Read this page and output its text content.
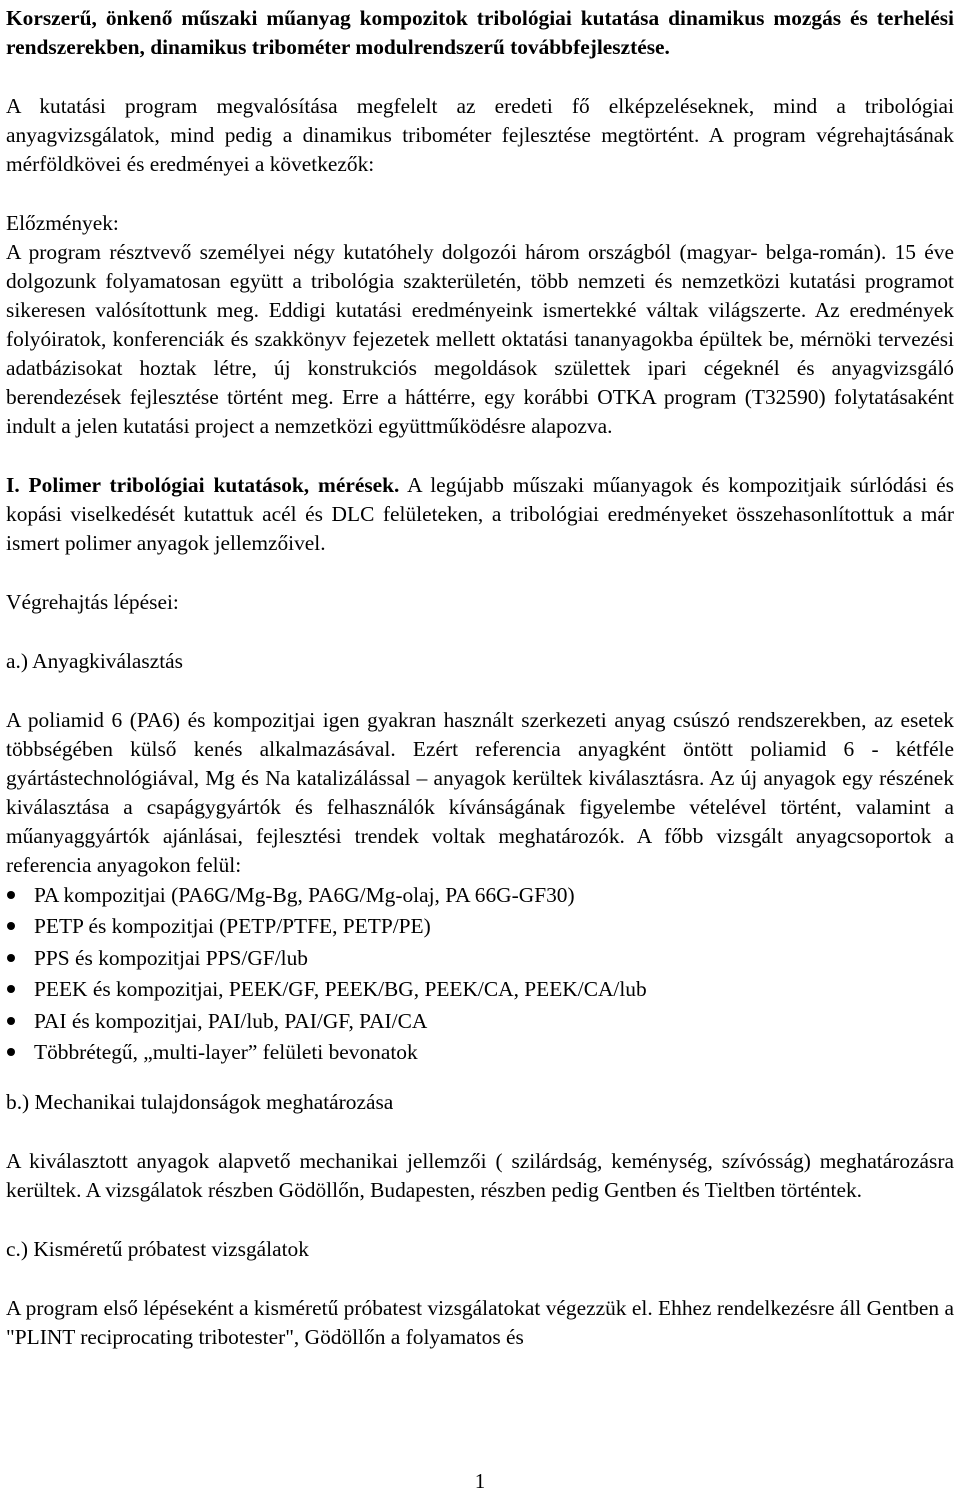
Korszerű, önkenő műszaki műanyag kompozitok tribológiai kutatása dinamikus mozgás és terhelési rendszerekben, dinamikus tribométer modulrendszerű továbbfejlesztése.

A kutatási program megvalósítása megfelelt az eredeti fő elképzeléseknek, mind a tribológiai anyagvizsgálatok, mind pedig a dinamikus tribométer fejlesztése megtörtént. A program végrehajtásának mérföldkövei és eredményei a következők:

Előzmények:

A program résztvevő személyei négy kutatóhely dolgozói három országból (magyar- belga-román). 15 éve dolgozunk folyamatosan együtt a tribológia szakterületén, több nemzeti és nemzetközi kutatási programot sikeresen valósítottunk meg. Eddigi kutatási eredményeink ismertekké váltak világszerte. Az eredmények folyóiratok, konferenciák és szakkönyv fejezetek mellett oktatási tananyagokba épültek be, mérnöki tervezési adatbázisokat hoztak létre, új konstrukciós megoldások születtek ipari cégeknél és anyagvizsgáló berendezések fejlesztése történt meg. Erre a háttérre, egy korábbi OTKA program (T32590) folytatásaként indult a jelen kutatási project a nemzetközi együttműködésre alapozva.

I. Polimer tribológiai kutatások, mérések. A legújabb műszaki műanyagok és kompozitjaik súrlódási és kopási viselkedését kutattuk acél és DLC felületeken, a tribológiai eredményeket összehasonlítottuk a már ismert polimer anyagok jellemzőivel.

Végrehajtás lépései:

a.) Anyagkiválasztás

A poliamid 6 (PA6) és kompozitjai igen gyakran használt szerkezeti anyag csúszó rendszerekben, az esetek többségében külső kenés alkalmazásával. Ezért referencia anyagként öntött poliamid 6 - kétféle gyártástechnológiával, Mg és Na katalizálással – anyagok kerültek kiválasztásra. Az új anyagok egy részének kiválasztása a csapágygyártók és felhasználók kívánságának figyelembe vételével történt, valamint a műanyaggyártók ajánlásai, fejlesztési trendek voltak meghatározók. A főbb vizsgált anyagcsoportok a referencia anyagokon felül:

PA kompozitjai (PA6G/Mg-Bg, PA6G/Mg-olaj, PA 66G-GF30)
PETP és kompozitjai (PETP/PTFE, PETP/PE)
PPS és kompozitjai PPS/GF/lub
PEEK és kompozitjai, PEEK/GF, PEEK/BG, PEEK/CA, PEEK/CA/lub
PAI és kompozitjai, PAI/lub, PAI/GF, PAI/CA
Többrétegű, „multi-layer” felületi bevonatok

b.) Mechanikai tulajdonságok meghatározása

A kiválasztott anyagok alapvető mechanikai jellemzői ( szilárdság, keménység, szívósság) meghatározásra kerültek. A vizsgálatok részben Gödöllőn, Budapesten, részben pedig Gentben és Tieltben történtek.

c.) Kisméretű próbatest vizsgálatok

A program első lépéseként a kisméretű próbatest vizsgálatokat végezzük el. Ehhez rendelkezésre áll Gentben a "PLINT reciprocating tribotester", Gödöllőn a folyamatos és

1
